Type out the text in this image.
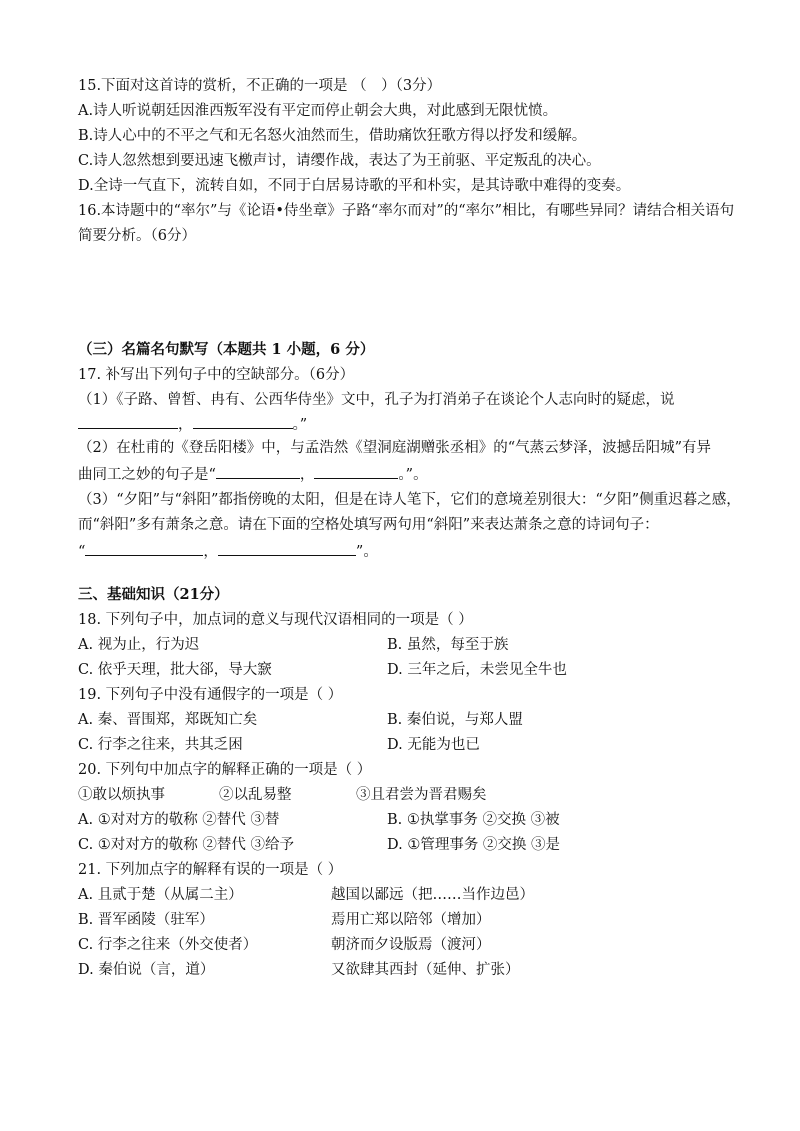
15.下面对这首诗的赏析，不正确的一项是 （　）（3分）
A.诗人听说朝廷因淮西叛军没有平定而停止朝会大典，对此感到无限忧愤。
B.诗人心中的不平之气和无名怒火油然而生，借助痛饮狂歌方得以抒发和缓解。
C.诗人忽然想到要迅速飞檄声讨，请缨作战，表达了为王前驱、平定叛乱的决心。
D.全诗一气直下，流转自如，不同于白居易诗歌的平和朴实，是其诗歌中难得的变奏。
16.本诗题中的“率尔”与《论语•侍坐章》子路“率尔而对”的“率尔”相比，有哪些异同？请结合相关语句
简要分析。（6分）
（三）名篇名句默写（本题共 1 小题，6 分）
17. 补写出下列句子中的空缺部分。（6分）
（1）《子路、曾皙、冉有、公西华侍坐》文中，孔子为打消弟子在谈论个人志向时的疑虑，说
，	。”
（2）在杜甫的《登岳阳楼》中，与孟浩然《望洞庭湖赠张丞相》的“气蒸云梦泽，波撼岳阳城”有异
曲同工之妙的句子是“	，	。”。
（3）“夕阳”与“斜阳”都指傍晚的太阳，但是在诗人笔下，它们的意境差别很大：“夕阳”侧重迟暮之感，
而“斜阳”多有萧条之意。请在下面的空格处填写两句用“斜阳”来表达萧条之意的诗词句子：
“	，	”。
三、基础知识（21分）
18. 下列句子中，加点词的意义与现代汉语相同的一项是（ ）
A. 视为止，行为迟	B. 虽然，每至于族
C. 依乎天理，批大郤，导大窾	D. 三年之后，未尝见全牛也
19. 下列句子中没有通假字的一项是（ ）
A. 秦、晋围郑，郑既知亡矣	B. 秦伯说，与郑人盟
C. 行李之往来，共其乏困	D. 无能为也已
20. 下列句中加点字的解释正确的一项是（ ）
①敢以烦执事	②以乱易整	③且君尝为晋君赐矣
A. ①对对方的敬称 ②替代 ③替	B. ①执掌事务 ②交换 ③被
C. ①对对方的敬称 ②替代 ③给予	D. ①管理事务 ②交换 ③是
21. 下列加点字的解释有误的一项是（ ）
A. 且贰于楚（从属二主）	越国以鄙远（把……当作边邑）
B. 晋军函陵（驻军）	焉用亡郑以陪邻（增加）
C. 行李之往来（外交使者）	朝济而夕设版焉（渡河）
D. 秦伯说（言，道）	又欲肆其西封（延伸、扩张）
